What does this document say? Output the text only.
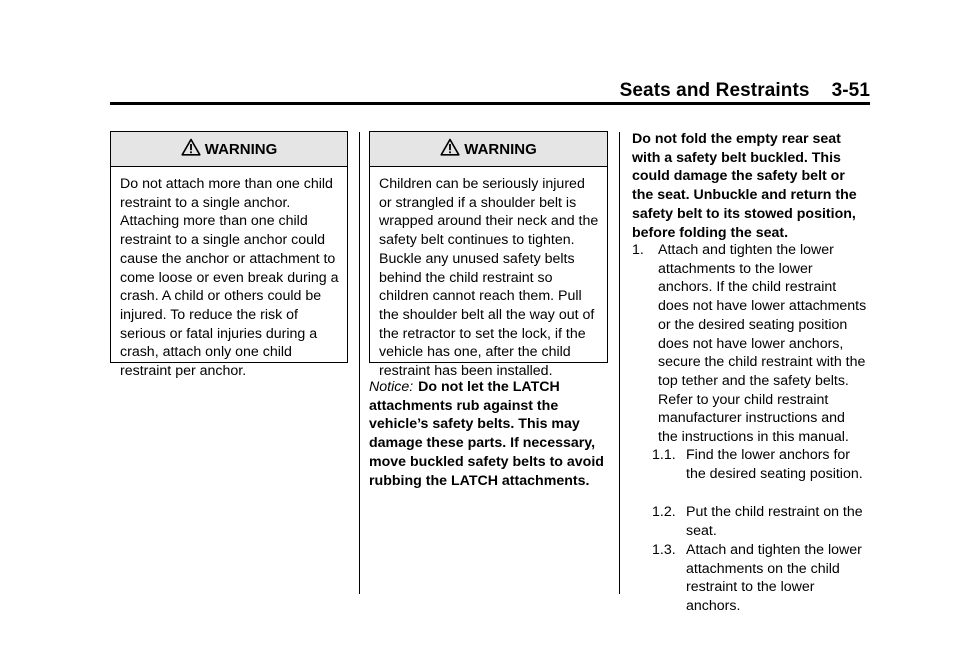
Seats and Restraints 3-51
WARNING
Do not attach more than one child restraint to a single anchor. Attaching more than one child restraint to a single anchor could cause the anchor or attachment to come loose or even break during a crash. A child or others could be injured. To reduce the risk of serious or fatal injuries during a crash, attach only one child restraint per anchor.
WARNING
Children can be seriously injured or strangled if a shoulder belt is wrapped around their neck and the safety belt continues to tighten. Buckle any unused safety belts behind the child restraint so children cannot reach them. Pull the shoulder belt all the way out of the retractor to set the lock, if the vehicle has one, after the child restraint has been installed.
Notice: Do not let the LATCH attachments rub against the vehicle’s safety belts. This may damage these parts. If necessary, move buckled safety belts to avoid rubbing the LATCH attachments.
Do not fold the empty rear seat with a safety belt buckled. This could damage the safety belt or the seat. Unbuckle and return the safety belt to its stowed position, before folding the seat.
1. Attach and tighten the lower attachments to the lower anchors. If the child restraint does not have lower attachments or the desired seating position does not have lower anchors, secure the child restraint with the top tether and the safety belts. Refer to your child restraint manufacturer instructions and the instructions in this manual.
1.1. Find the lower anchors for the desired seating position.
1.2. Put the child restraint on the seat.
1.3. Attach and tighten the lower attachments on the child restraint to the lower anchors.
